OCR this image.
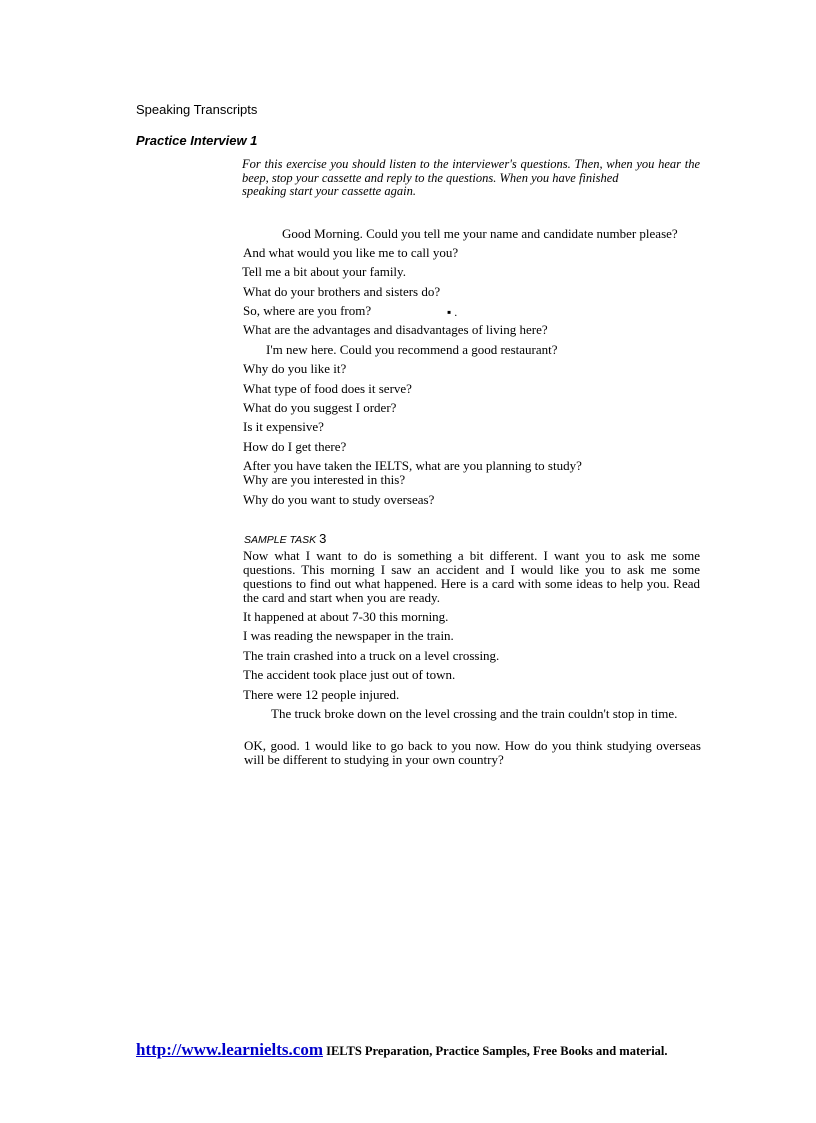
Speaking Transcripts
Practice Interview 1

For this exercise you should listen to the interviewer's questions. Then, when you hear the beep, stop your cassette and reply to the questions. When you have finished

speaking start your cassette again.

Good Morning. Could you tell me your name and candidate number please?
And what would you like me to call you?
Tell me a bit about your family.
What do your brothers and sisters do?
So, where are you from?	▪ .
What are the advantages and disadvantages of living here?
I'm new here. Could you recommend a good restaurant?
Why do you like it?
What type of food does it serve?
What do you suggest I order?
Is it expensive?
How do I get there?
After you have taken the IELTS, what are you planning to study?
Why are you interested in this?
Why do you want to study overseas?
SAMPLE TASK 3
Now what I want to do is something a bit different. I want you to ask me some questions. This morning I saw an accident and I would like you to ask me some questions to find out what happened. Here is a card with some ideas to help you. Read the card and start when you are ready.
It happened at about 7-30 this morning.
I was reading the newspaper in the train.
The train crashed into a truck on a level crossing.
The accident took place just out of town.
There were 12 people injured.
The truck broke down on the level crossing and the train couldn't stop in time.
OK, good. 1 would like to go back to you now. How do you think studying overseas will be different to studying in your own country?
http://www.learnielts.com IELTS Preparation, Practice Samples, Free Books and material.
